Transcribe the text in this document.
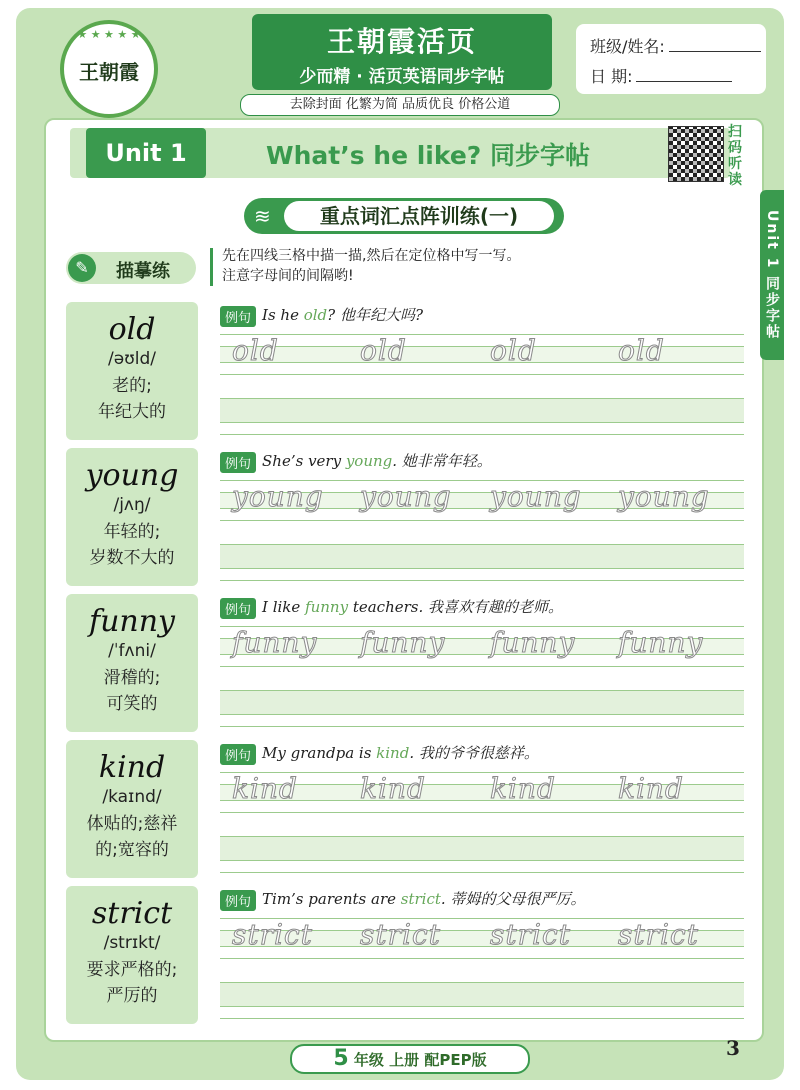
★ ★ ★ ★ ★
王朝霞
王朝霞活页
少而精 · 活页英语同步字帖
去除封面 化繁为简 品质优良 价格公道
班级/姓名:
日 期:
Unit 1	What’s he like? 同步字帖
扫码听读
Unit 1 同步字帖
≋	重点词汇点阵训练(一)
✎	描摹练
先在四线三格中描一描,然后在定位格中写一写。
注意字母间的间隔哟!
old
/əʊld/
老的;
年纪大的
例句 Is he old? 他年纪大吗?
old	old	old	old
young
/jʌŋ/
年轻的;
岁数不大的
例句 She’s very young. 她非常年轻。
young young young young
funny
/ˈfʌni/
滑稽的;
可笑的
例句 I like funny teachers. 我喜欢有趣的老师。
funny funny funny funny
kind
/kaɪnd/
体贴的;慈祥
的;宽容的
例句 My grandpa is kind. 我的爷爷很慈祥。
kind kind kind kind
strict
/strɪkt/
要求严格的;
严厉的
例句 Tim’s parents are strict. 蒂姆的父母很严厉。
strict strict strict strict
5 年级 上册 配PEP版	3
